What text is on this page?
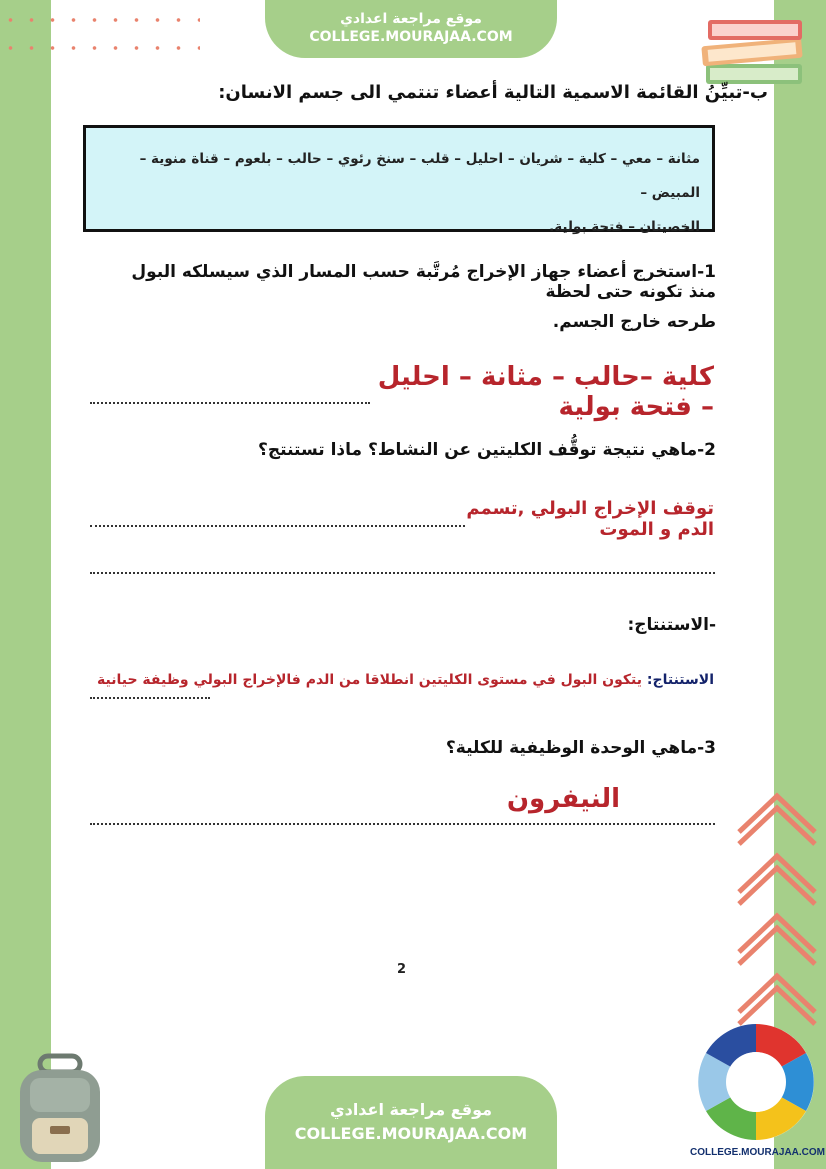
موقع مراجعة اعدادي
COLLEGE.MOURAJAA.COM
ب-تبيِّنُ القائمة الاسمية التالية أعضاء تنتمي الى جسم الانسان:
مثانة – معي – كلية – شريان – احليل – قلب – سنخ رئوي – حالب – بلعوم – قناة منوية – المبيض –
الخصيتان – فتحة بولية.
1-استخرج أعضاء جهاز الإخراج مُرتَّبة حسب المسار الذي سيسلكه البول منذ تكونه حتى لحظة
طرحه خارج الجسم.
كلية –حالب – مثانة – احليل – فتحة بولية
2-ماهي نتيجة توقُّف الكليتين عن النشاط؟ ماذا تستنتج؟
توقف الإخراج البولي ,تسمم الدم و الموت
-الاستنتاج:
الاستنتاج: يتكون البول في مستوى الكليتين انطلاقا من الدم فالإخراج البولي وظيفة حيانية
3-ماهي الوحدة الوظيفية للكلية؟
النيفرون
2
COLLEGE.MOURAJAA.COM
موقع مراجعة اعدادي
COLLEGE.MOURAJAA.COM
